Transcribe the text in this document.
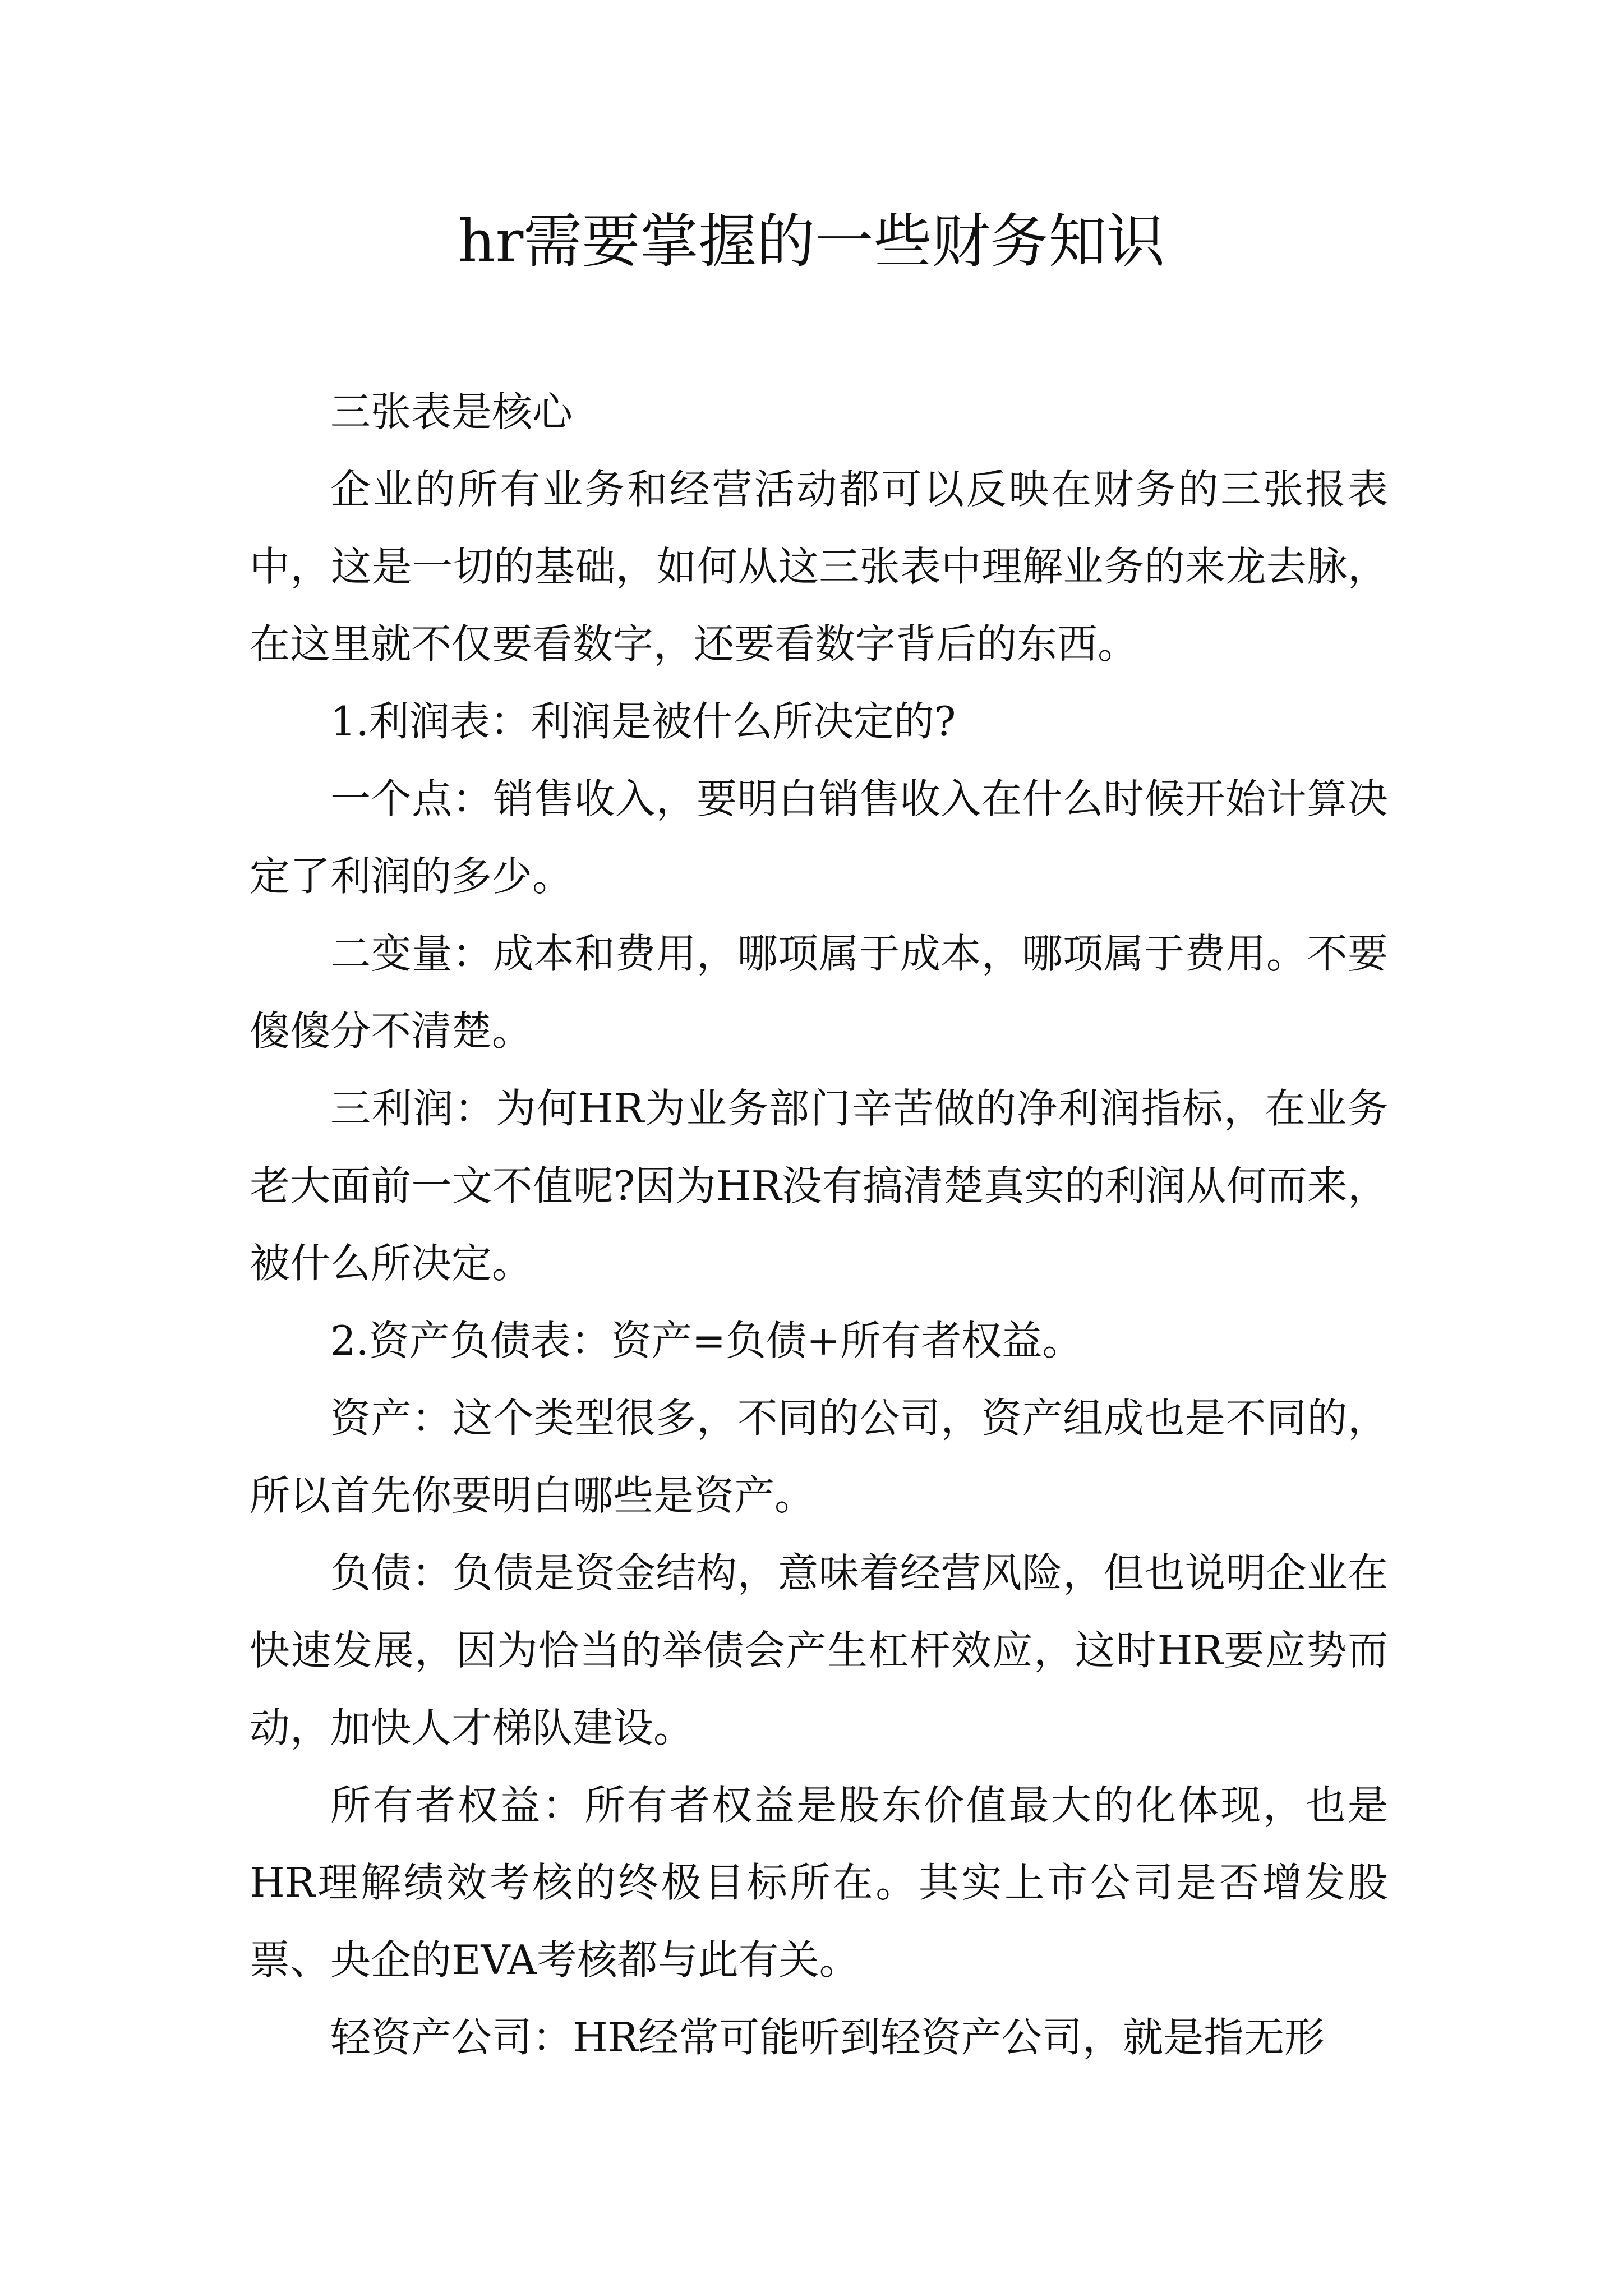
hr需要掌握的一些财务知识

三张表是核心

企业的所有业务和经营活动都可以反映在财务的三张报表中，这是一切的基础，如何从这三张表中理解业务的来龙去脉，在这里就不仅要看数字，还要看数字背后的东西。

1.利润表：利润是被什么所决定的?

一个点：销售收入，要明白销售收入在什么时候开始计算决定了利润的多少。

二变量：成本和费用，哪项属于成本，哪项属于费用。不要傻傻分不清楚。

三利润：为何HR为业务部门辛苦做的净利润指标，在业务老大面前一文不值呢?因为HR没有搞清楚真实的利润从何而来，被什么所决定。

2.资产负债表：资产=负债+所有者权益。

资产：这个类型很多，不同的公司，资产组成也是不同的，所以首先你要明白哪些是资产。

负债：负债是资金结构，意味着经营风险，但也说明企业在快速发展，因为恰当的举债会产生杠杆效应，这时HR要应势而动，加快人才梯队建设。

所有者权益：所有者权益是股东价值最大的化体现，也是HR理解绩效考核的终极目标所在。其实上市公司是否增发股票、央企的EVA考核都与此有关。

轻资产公司：HR经常可能听到轻资产公司，就是指无形
